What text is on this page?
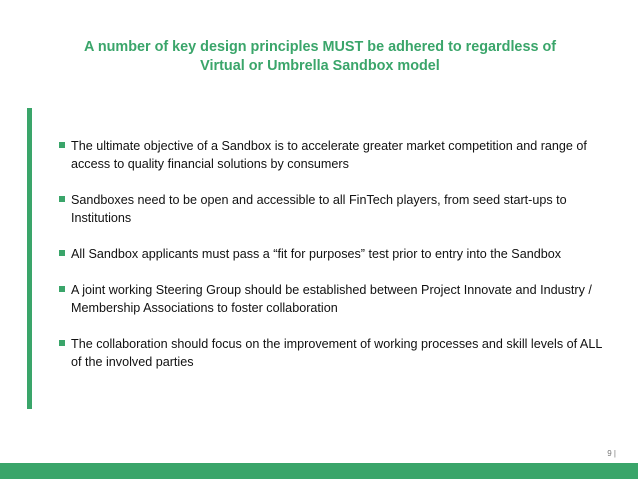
A number of key design principles MUST be adhered to regardless of
Virtual or Umbrella Sandbox model
The ultimate objective of a Sandbox is to accelerate greater market competition and range of access to quality financial solutions by consumers
Sandboxes need to be open and accessible to all FinTech players, from seed start-ups to Institutions
All Sandbox applicants must pass a “fit for purposes” test prior to entry into the Sandbox
A joint working Steering Group should be established between Project Innovate and Industry / Membership Associations to foster collaboration
The collaboration should focus on the improvement of working processes and skill levels of ALL of the involved parties
9 |
